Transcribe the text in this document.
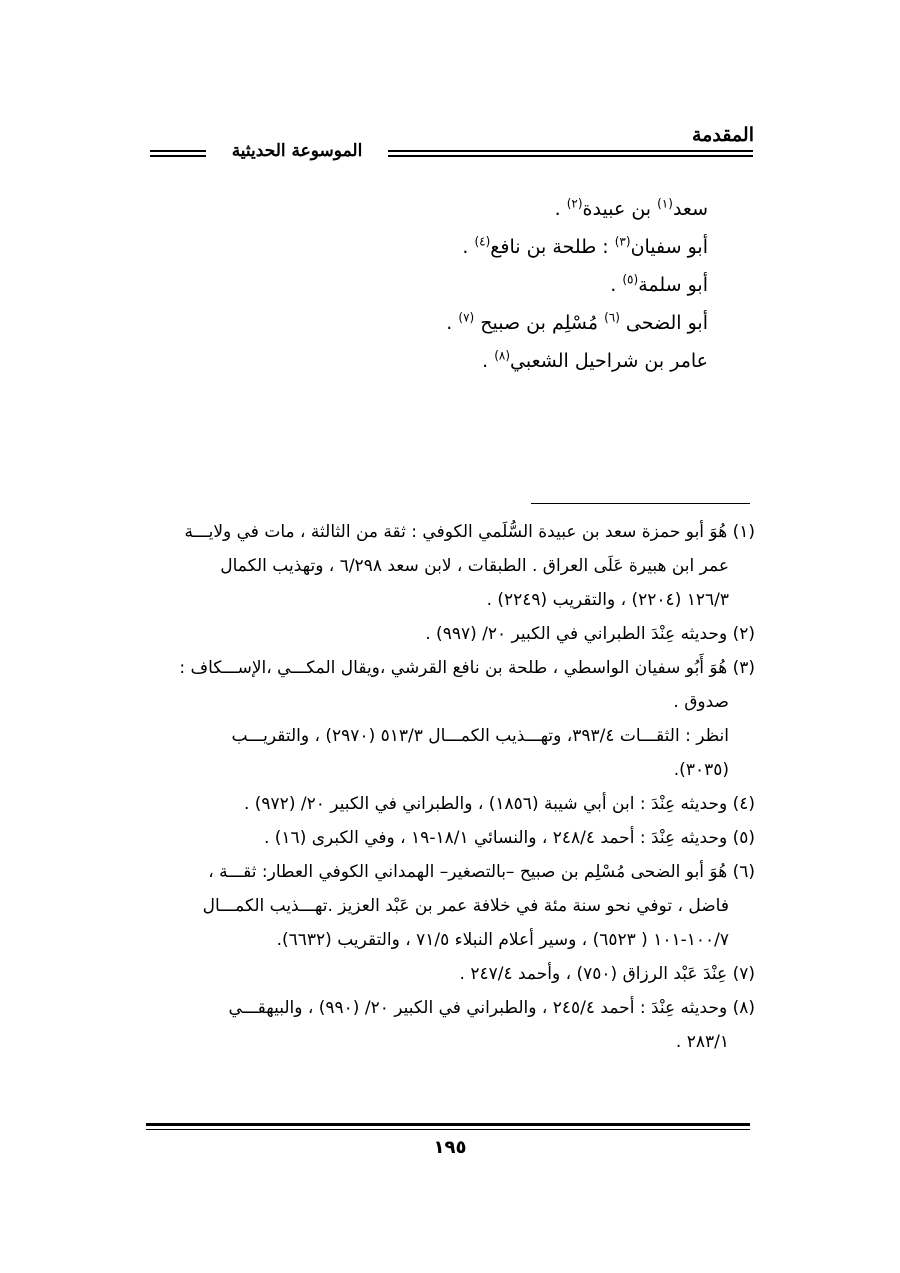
المقدمة
الموسوعة الحديثية
سعد$^{(١)}$ بن عبيدة$^{(٢)}$ .
أبو سفيان$^{(٣)}$ : طلحة بن نافع$^{(٤)}$ .
أبو سلمة$^{(٥)}$ .
أبو الضحى $^{(٦)}$ مُسْلِم بن صبيح $^{(٧)}$ .
عامر بن شراحيل الشعبي$^{(٨)}$ .

(١) هُوَ أبو حمزة سعد بن عبيدة السُّلَمي الكوفي : ثقة من الثالثة ، مات في ولايـــة

عمر ابن هبيرة عَلَى العراق . الطبقات ، لابن سعد ٦/٢٩٨ ، وتهذيب الكمال

١٢٦/٣ (٢٢٠٤) ، والتقريب (٢٢٤٩) .

(٢) وحديثه عِنْدَ الطبراني في الكبير ٢٠/ (٩٩٧) .

(٣) هُوَ أَبُو سفيان الواسطي ، طلحة بن نافع القرشي ،ويقال المكـــي ،الإســـكاف :

صدوق .

انظر : الثقـــات ٣٩٣/٤، وتهـــذيب الكمـــال ٥١٣/٣ (٢٩٧٠) ، والتقريـــب

(٣٠٣٥).

(٤) وحديثه عِنْدَ : ابن أبي شيبة (١٨٥٦) ، والطبراني في الكبير ٢٠/ (٩٧٢) .

(٥) وحديثه عِنْدَ : أحمد ٢٤٨/٤ ، والنسائي ١٨/١-١٩ ، وفي الكبرى (١٦) .

(٦) هُوَ أبو الضحى مُسْلِم بن صبيح –بالتصغير– الهمداني الكوفي العطار: ثقـــة ،

فاضل ، توفي نحو سنة مئة في خلافة عمر بن عَبْد العزيز .تهـــذيب الكمـــال

١٠٠/٧-١٠١ ( ٦٥٢٣) ، وسير أعلام النبلاء ٧١/٥ ، والتقريب (٦٦٣٢).

(٧) عِنْدَ عَبْد الرزاق (٧٥٠) ، وأحمد ٢٤٧/٤ .

(٨) وحديثه عِنْدَ : أحمد ٢٤٥/٤ ، والطبراني في الكبير ٢٠/ (٩٩٠) ، والبيهقـــي

٢٨٣/١ .

١٩٥
